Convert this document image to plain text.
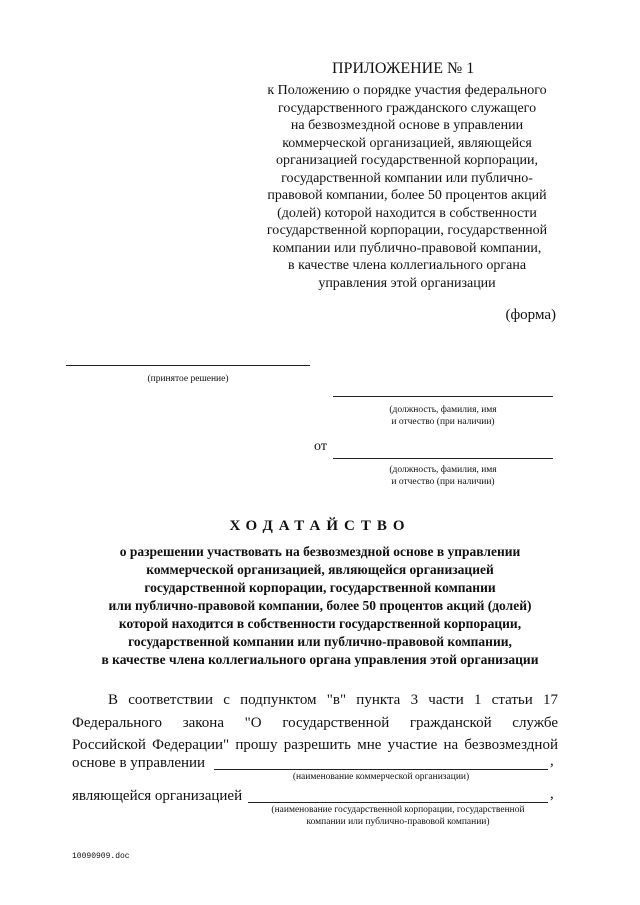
ПРИЛОЖЕНИЕ № 1
к Положению о порядке участия федерального
государственного гражданского служащего
на безвозмездной основе в управлении
коммерческой организацией, являющейся
организацией государственной корпорации,
государственной компании или публично-
правовой компании, более 50 процентов акций
(долей) которой находится в собственности
государственной корпорации, государственной
компании или публично-правовой компании,
в качестве члена коллегиального органа
управления этой организации
(форма)
(принятое решение)
(должность, фамилия, имя
и отчество (при наличии)
от
(должность, фамилия, имя
и отчество (при наличии)
ХОДАТАЙСТВО
о разрешении участвовать на безвозмездной основе в управлении
коммерческой организацией, являющейся организацией
государственной корпорации, государственной компании
или публично-правовой компании, более 50 процентов акций (долей)
которой находится в собственности государственной корпорации,
государственной компании или публично-правовой компании,
в качестве члена коллегиального органа управления этой организации
В соответствии с подпунктом "в" пункта 3 части 1 статьи 17
Федерального закона "О государственной гражданской службе
Российской Федерации" прошу разрешить мне участие на безвозмездной
основе в управлении	,
(наименование коммерческой организации)
являющейся организацией	,
(наименование государственной корпорации, государственной
компании или публично-правовой компании)
10090909.doc
